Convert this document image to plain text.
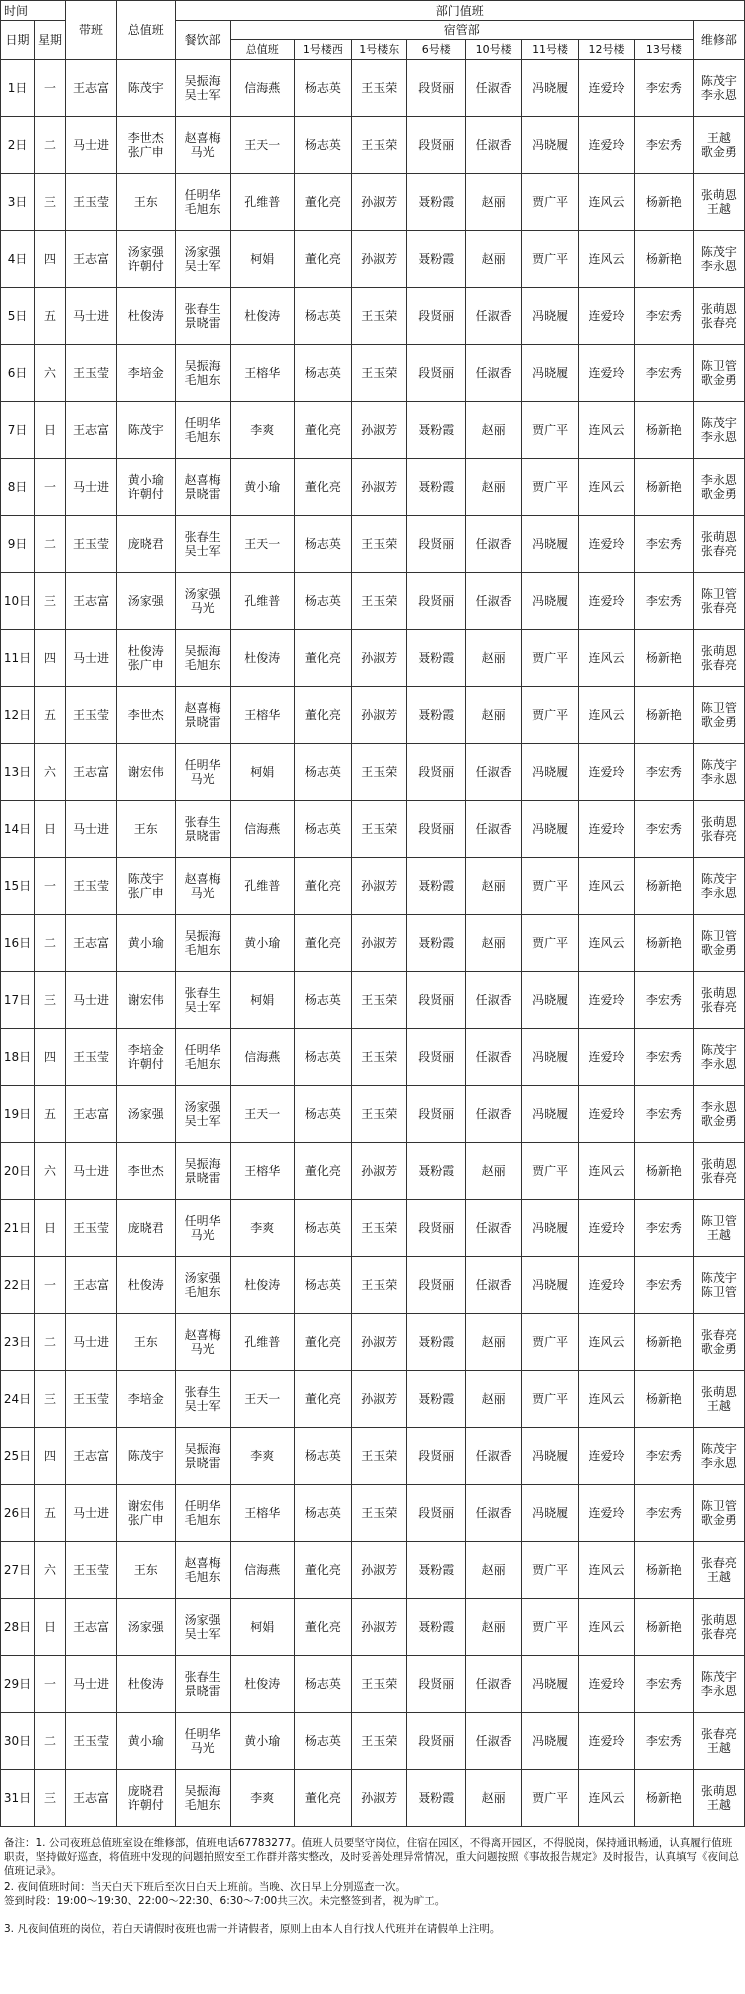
时间		带班	总值班	部门值班									
日期	星期			餐饮部	宿管部								维修部
					总值班	1号楼西	1号楼东	6号楼	10号楼	11号楼	12号楼	13号楼	
1日	一	王志富	陈茂宇	吴振海
吴士军	信海燕	杨志英	王玉荣	段贤丽	任淑香	冯晓履	连爱玲	李宏秀	陈茂宇
李永恩

2日	二	马士进	李世杰
张广申	赵喜梅
马光	王天一	杨志英	王玉荣	段贤丽	任淑香	冯晓履	连爱玲	李宏秀	王越
歌金勇

3日	三	王玉莹	王东	任明华
毛旭东	孔维普	董化亮	孙淑芳	聂粉霞	赵丽	贾广平	连风云	杨新艳	张萌恩
王越

4日	四	王志富	汤家强
许朝付	汤家强
吴士军	柯娟	董化亮	孙淑芳	聂粉霞	赵丽	贾广平	连风云	杨新艳	陈茂宇
李永恩

5日	五	马士进	杜俊涛	张春生
景晓雷	杜俊涛	杨志英	王玉荣	段贤丽	任淑香	冯晓履	连爱玲	李宏秀	张萌恩
张春亮

6日	六	王玉莹	李培金	吴振海
毛旭东	王榕华	杨志英	王玉荣	段贤丽	任淑香	冯晓履	连爱玲	李宏秀	陈卫管
歌金勇

7日	日	王志富	陈茂宇	任明华
毛旭东	李爽	董化亮	孙淑芳	聂粉霞	赵丽	贾广平	连风云	杨新艳	陈茂宇
李永恩

8日	一	马士进	黄小瑜
许朝付	赵喜梅
景晓雷	黄小瑜	董化亮	孙淑芳	聂粉霞	赵丽	贾广平	连风云	杨新艳	李永恩
歌金勇

9日	二	王玉莹	庞晓君	张春生
吴士军	王天一	杨志英	王玉荣	段贤丽	任淑香	冯晓履	连爱玲	李宏秀	张萌恩
张春亮

10日	三	王志富	汤家强	汤家强
马光	孔维普	杨志英	王玉荣	段贤丽	任淑香	冯晓履	连爱玲	李宏秀	陈卫管
张春亮

11日	四	马士进	杜俊涛
张广申	吴振海
毛旭东	杜俊涛	董化亮	孙淑芳	聂粉霞	赵丽	贾广平	连风云	杨新艳	张萌恩
张春亮

12日	五	王玉莹	李世杰	赵喜梅
景晓雷	王榕华	董化亮	孙淑芳	聂粉霞	赵丽	贾广平	连风云	杨新艳	陈卫管
歌金勇

13日	六	王志富	谢宏伟	任明华
马光	柯娟	杨志英	王玉荣	段贤丽	任淑香	冯晓履	连爱玲	李宏秀	陈茂宇
李永恩

14日	日	马士进	王东	张春生
景晓雷	信海燕	杨志英	王玉荣	段贤丽	任淑香	冯晓履	连爱玲	李宏秀	张萌恩
张春亮

15日	一	王玉莹	陈茂宇
张广申	赵喜梅
马光	孔维普	董化亮	孙淑芳	聂粉霞	赵丽	贾广平	连风云	杨新艳	陈茂宇
李永恩

16日	二	王志富	黄小瑜	吴振海
毛旭东	黄小瑜	董化亮	孙淑芳	聂粉霞	赵丽	贾广平	连风云	杨新艳	陈卫管
歌金勇

17日	三	马士进	谢宏伟	张春生
吴士军	柯娟	杨志英	王玉荣	段贤丽	任淑香	冯晓履	连爱玲	李宏秀	张萌恩
张春亮

18日	四	王玉莹	李培金
许朝付	任明华
毛旭东	信海燕	杨志英	王玉荣	段贤丽	任淑香	冯晓履	连爱玲	李宏秀	陈茂宇
李永恩

19日	五	王志富	汤家强	汤家强
吴士军	王天一	杨志英	王玉荣	段贤丽	任淑香	冯晓履	连爱玲	李宏秀	李永恩
歌金勇

20日	六	马士进	李世杰	吴振海
景晓雷	王榕华	董化亮	孙淑芳	聂粉霞	赵丽	贾广平	连风云	杨新艳	张萌恩
张春亮

21日	日	王玉莹	庞晓君	任明华
马光	李爽	杨志英	王玉荣	段贤丽	任淑香	冯晓履	连爱玲	李宏秀	陈卫管
王越

22日	一	王志富	杜俊涛	汤家强
毛旭东	杜俊涛	杨志英	王玉荣	段贤丽	任淑香	冯晓履	连爱玲	李宏秀	陈茂宇
陈卫管

23日	二	马士进	王东	赵喜梅
马光	孔维普	董化亮	孙淑芳	聂粉霞	赵丽	贾广平	连风云	杨新艳	张春亮
歌金勇

24日	三	王玉莹	李培金	张春生
吴士军	王天一	董化亮	孙淑芳	聂粉霞	赵丽	贾广平	连风云	杨新艳	张萌恩
王越

25日	四	王志富	陈茂宇	吴振海
景晓雷	李爽	杨志英	王玉荣	段贤丽	任淑香	冯晓履	连爱玲	李宏秀	陈茂宇
李永恩

26日	五	马士进	谢宏伟
张广申	任明华
毛旭东	王榕华	杨志英	王玉荣	段贤丽	任淑香	冯晓履	连爱玲	李宏秀	陈卫管
歌金勇

27日	六	王玉莹	王东	赵喜梅
毛旭东	信海燕	董化亮	孙淑芳	聂粉霞	赵丽	贾广平	连风云	杨新艳	张春亮
王越

28日	日	王志富	汤家强	汤家强
吴士军	柯娟	董化亮	孙淑芳	聂粉霞	赵丽	贾广平	连风云	杨新艳	张萌恩
张春亮

29日	一	马士进	杜俊涛	张春生
景晓雷	杜俊涛	杨志英	王玉荣	段贤丽	任淑香	冯晓履	连爱玲	李宏秀	陈茂宇
李永恩

30日	二	王玉莹	黄小瑜	任明华
马光	黄小瑜	杨志英	王玉荣	段贤丽	任淑香	冯晓履	连爱玲	李宏秀	张春亮
王越

31日	三	王志富	庞晓君
许朝付	吴振海
毛旭东	李爽	董化亮	孙淑芳	聂粉霞	赵丽	贾广平	连风云	杨新艳	张萌恩
王越

备注：1. 公司夜班总值班室设在维修部，值班电话67783277。值班人员要坚守岗位，住宿在园区，不得离开园区，不得脱岗，保持通讯畅通，认真履行值班职责，坚持做好巡查，将值班中发现的问题拍照安至工作群并落实整改，及时妥善处理异常情况，重大问题按照《事故报告规定》及时报告，认真填写《夜间总值班记录》。

2. 夜间值班时间：当天白天下班后至次日白天上班前。当晚、次日早上分别巡查一次。

签到时段：19:00～19:30、22:00～22:30、6:30～7:00共三次。未完整签到者，视为旷工。

3. 凡夜间值班的岗位，若白天请假时夜班也需一并请假者，原则上由本人自行找人代班并在请假单上注明。
